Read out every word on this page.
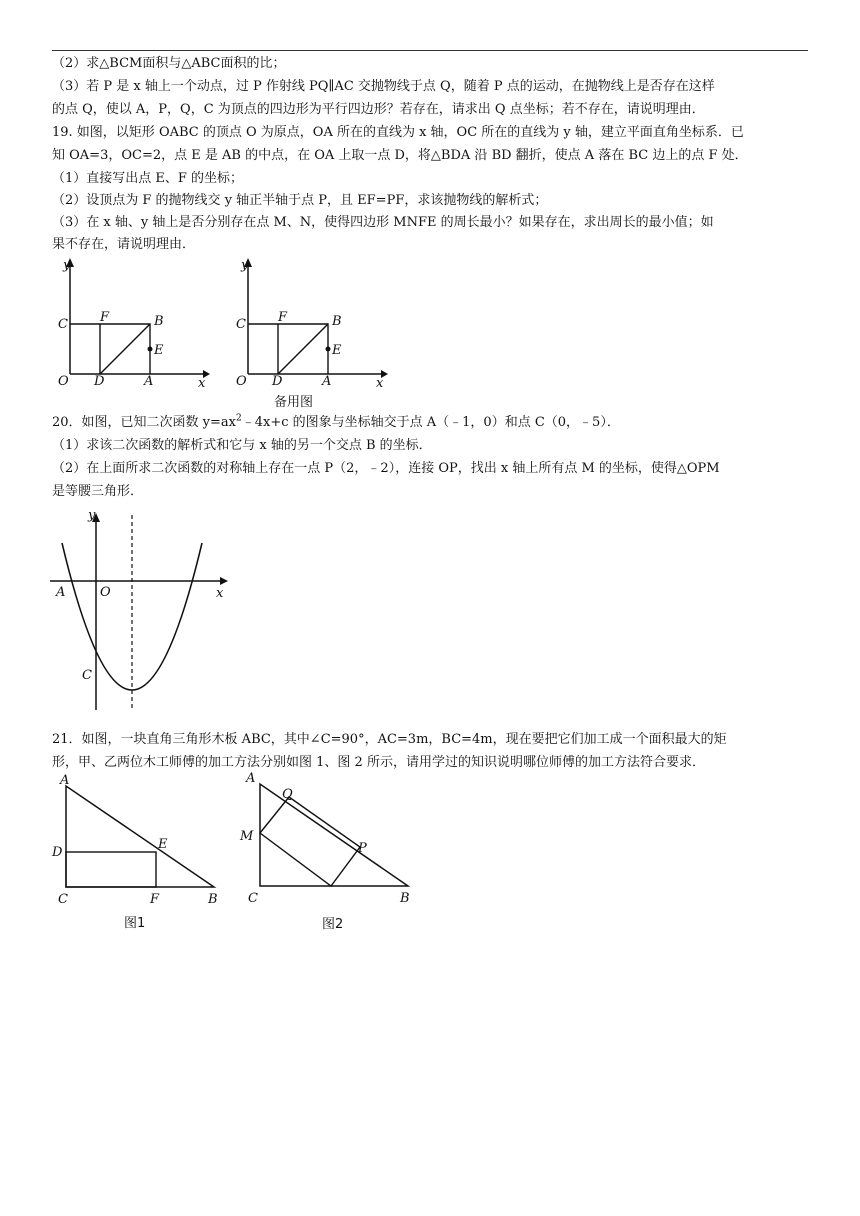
（2）求△BCM面积与△ABC面积的比；
（3）若 P 是 x 轴上一个动点，过 P 作射线 PQ∥AC 交抛物线于点 Q，随着 P 点的运动，在抛物线上是否存在这样
的点 Q，使以 A，P，Q，C 为顶点的四边形为平行四边形？若存在，请求出 Q 点坐标；若不存在，请说明理由．
19. 如图，以矩形 OABC 的顶点 O 为原点，OA 所在的直线为 x 轴，OC 所在的直线为 y 轴，建立平面直角坐标系．已
知 OA=3，OC=2，点 E 是 AB 的中点，在 OA 上取一点 D，将△BDA 沿 BD 翻折，使点 A 落在 BC 边上的点 F 处．
（1）直接写出点 E、F 的坐标；
（2）设顶点为 F 的抛物线交 y 轴正半轴于点 P，且 EF=PF，求该抛物线的解析式；
（3）在 x 轴、y 轴上是否分别存在点 M、N，使得四边形 MNFE 的周长最小？如果存在，求出周长的最小值；如
果不存在，请说明理由．
y
x
O
C F	B
E
D	A
y
x
O
C F	B
E
D	A
备用图
20．如图，已知二次函数 $y=ax^2﹣4x+c$ 的图象与坐标轴交于点 A（﹣1，0）和点 C（0，﹣5）．
（1）求该二次函数的解析式和它与 x 轴的另一个交点 B 的坐标．
（2）在上面所求二次函数的对称轴上存在一点 P（2，﹣2），连接 OP，找出 x 轴上所有点 M 的坐标，使得△OPM
是等腰三角形．
y
x
A	O
C
21．如图，一块直角三角形木板 ABC，其中∠C=90°，AC=3m，BC=4m，现在要把它们加工成一个面积最大的矩
形，甲、乙两位木工师傅的加工方法分别如图 1、图 2 所示，请用学过的知识说明哪位师傅的加工方法符合要求．
A
D
E
C	F	B
图1
A
Q
M
P
C	B
图2
